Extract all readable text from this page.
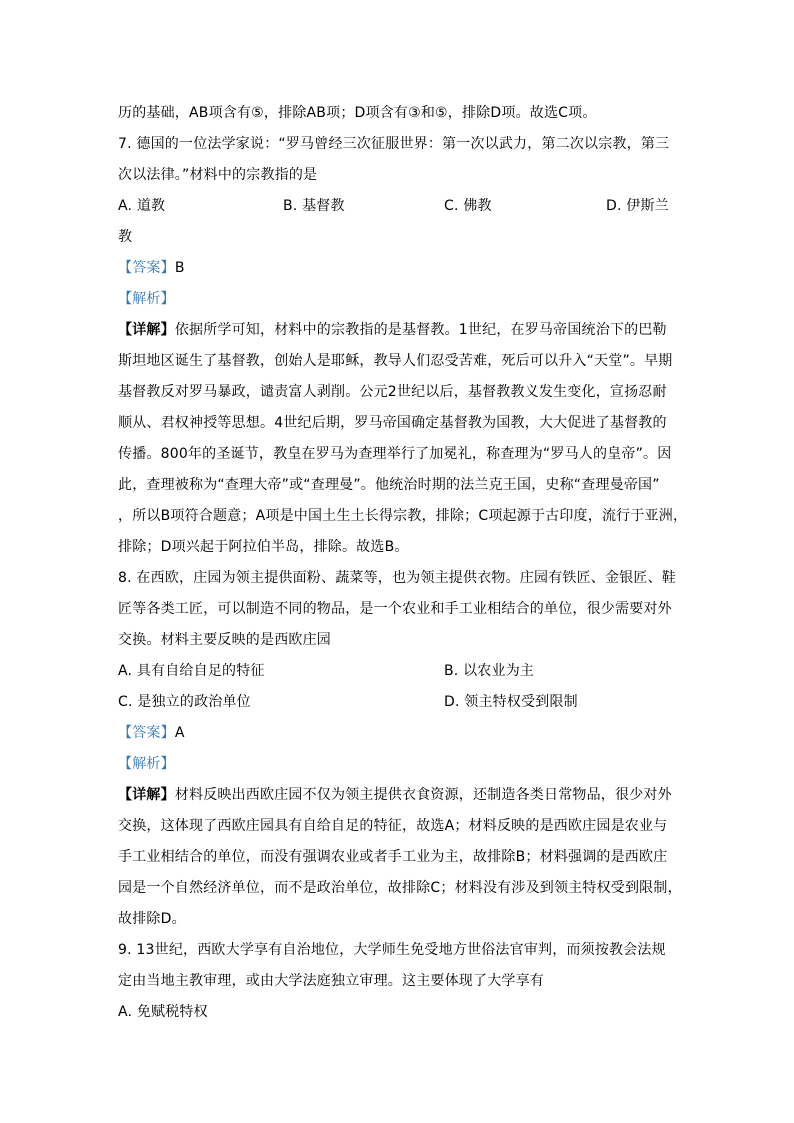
历的基础，AB项含有⑤，排除AB项；D项含有③和⑤，排除D项。故选C项。
7. 德国的一位法学家说：“罗马曾经三次征服世界：第一次以武力，第二次以宗教，第三
次以法律。”材料中的宗教指的是
A. 道教	B. 基督教	C. 佛教	D. 伊斯兰
教
【答案】B
【解析】
【详解】依据所学可知，材料中的宗教指的是基督教。1世纪，在罗马帝国统治下的巴勒
斯坦地区诞生了基督教，创始人是耶稣，教导人们忍受苦难，死后可以升入“天堂”。早期
基督教反对罗马暴政，谴责富人剥削。公元2世纪以后，基督教教义发生变化，宣扬忍耐
顺从、君权神授等思想。4世纪后期，罗马帝国确定基督教为国教，大大促进了基督教的
传播。800年的圣诞节，教皇在罗马为查理举行了加冕礼，称查理为“罗马人的皇帝”。因
此，查理被称为“查理大帝”或“查理曼”。他统治时期的法兰克王国，史称“查理曼帝国”
，所以B项符合题意；A项是中国土生土长得宗教，排除；C项起源于古印度，流行于亚洲，
排除；D项兴起于阿拉伯半岛，排除。故选B。
8. 在西欧，庄园为领主提供面粉、蔬菜等，也为领主提供衣物。庄园有铁匠、金银匠、鞋
匠等各类工匠，可以制造不同的物品，是一个农业和手工业相结合的单位，很少需要对外
交换。材料主要反映的是西欧庄园
A. 具有自给自足的特征	B. 以农业为主
C. 是独立的政治单位	D. 领主特权受到限制
【答案】A
【解析】
【详解】材料反映出西欧庄园不仅为领主提供衣食资源，还制造各类日常物品，很少对外
交换，这体现了西欧庄园具有自给自足的特征，故选A；材料反映的是西欧庄园是农业与
手工业相结合的单位，而没有强调农业或者手工业为主，故排除B；材料强调的是西欧庄
园是一个自然经济单位，而不是政治单位，故排除C；材料没有涉及到领主特权受到限制，
故排除D。
9. 13世纪，西欧大学享有自治地位，大学师生免受地方世俗法官审判，而须按教会法规
定由当地主教审理，或由大学法庭独立审理。这主要体现了大学享有
A. 免赋税特权
